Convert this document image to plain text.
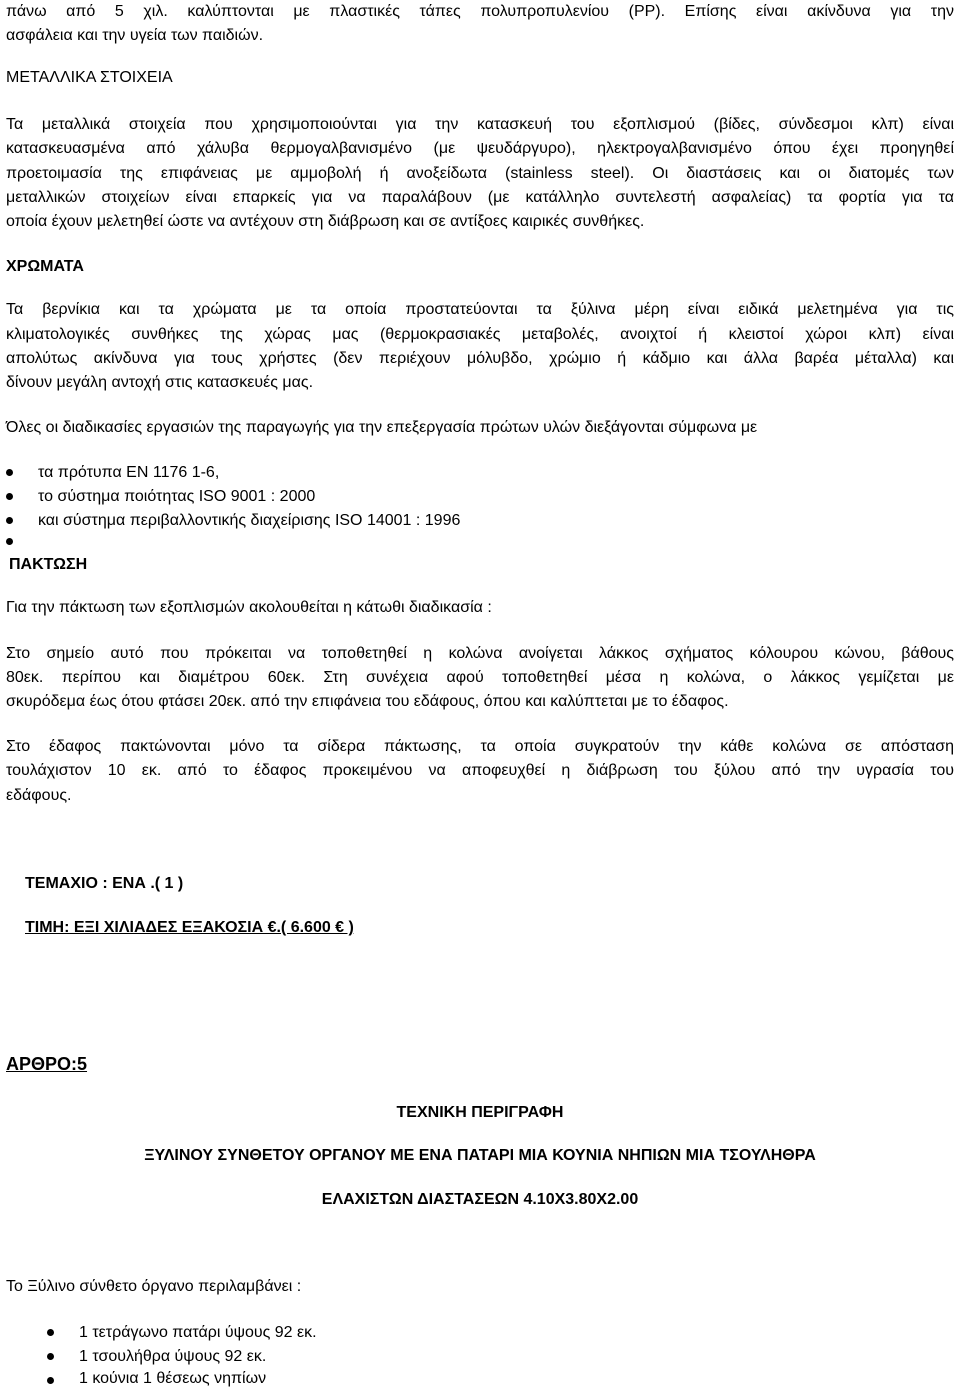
πάνω από 5 χιλ. καλύπτονται με πλαστικές τάπες πολυπροπυλενίου (PP). Επίσης είναι ακίνδυνα για την

ασφάλεια και την υγεία των παιδιών.

ΜΕΤΑΛΛΙΚΑ ΣΤΟΙΧΕΙΑ

Τα μεταλλικά στοιχεία που χρησιμοποιούνται για την κατασκευή του εξοπλισμού (βίδες, σύνδεσμοι κλπ) είναι

κατασκευασμένα από χάλυβα θερμογαλβανισμένο (με ψευδάργυρο), ηλεκτρογαλβανισμένο όπου έχει προηγηθεί

προετοιμασία της επιφάνειας με αμμοβολή ή ανοξείδωτα (stainless steel). Οι διαστάσεις και οι διατομές των

μεταλλικών στοιχείων είναι επαρκείς για να παραλάβουν (με κατάλληλο συντελεστή ασφαλείας) τα φορτία για τα

οποία έχουν μελετηθεί ώστε να αντέχουν στη διάβρωση και σε αντίξοες καιρικές συνθήκες.

ΧΡΩΜΑΤΑ

Τα βερνίκια και τα χρώματα με τα οποία προστατεύονται τα ξύλινα μέρη είναι ειδικά μελετημένα για τις

κλιματολογικές συνθήκες της χώρας μας (θερμοκρασιακές μεταβολές, ανοιχτοί ή κλειστοί χώροι κλπ) είναι

απολύτως ακίνδυνα για τους χρήστες (δεν περιέχουν μόλυβδο, χρώμιο ή κάδμιο και άλλα βαρέα μέταλλα) και

δίνουν μεγάλη αντοχή στις κατασκευές μας.

Όλες οι διαδικασίες εργασιών της παραγωγής για την επεξεργασία πρώτων υλών διεξάγονται σύμφωνα με

τα πρότυπα ΕΝ 1176 1-6,
το σύστημα ποιότητας ISO 9001 : 2000
και σύστημα περιβαλλοντικής διαχείρισης ISO 14001 : 1996

ΠΑΚΤΩΣΗ

Για την πάκτωση των εξοπλισμών ακολουθείται η κάτωθι διαδικασία :

Στο σημείο αυτό που πρόκειται να τοποθετηθεί η κολώνα ανοίγεται λάκκος σχήματος κόλουρου κώνου, βάθους

80εκ. περίπου και διαμέτρου 60εκ. Στη συνέχεια αφού τοποθετηθεί μέσα η κολώνα, ο λάκκος γεμίζεται με

σκυρόδεμα έως ότου φτάσει 20εκ. από την επιφάνεια του εδάφους, όπου και καλύπτεται με το έδαφος.

Στο έδαφος πακτώνονται μόνο τα σίδερα πάκτωσης, τα οποία συγκρατούν την κάθε κολώνα σε απόσταση

τουλάχιστον 10 εκ. από το έδαφος προκειμένου να αποφευχθεί η διάβρωση του ξύλου από την υγρασία του

εδάφους.

ΤΕΜΑΧΙΟ : ΕΝΑ .( 1 )

ΤΙΜΗ: ΕΞΙ ΧΙΛΙΑΔΕΣ ΕΞΑΚΟΣΙΑ €.( 6.600 € )

ΑΡΘΡΟ:5

ΤΕΧΝΙΚΗ ΠΕΡΙΓΡΑΦΗ

ΞΥΛΙΝΟΥ ΣΥΝΘΕΤΟΥ ΟΡΓΑΝΟΥ ΜΕ ΕΝΑ ΠΑΤΑΡΙ ΜΙΑ ΚΟΥΝΙΑ ΝΗΠΙΩΝ ΜΙΑ ΤΣΟΥΛΗΘΡΑ

ΕΛΑΧΙΣΤΩΝ ΔΙΑΣΤΑΣΕΩΝ 4.10Χ3.80Χ2.00

Το Ξύλινο σύνθετο όργανο περιλαμβάνει :

1 τετράγωνο πατάρι ύψους 92 εκ.
1 τσουλήθρα ύψους 92 εκ.
1 κούνια 1 θέσεως νηπίων
